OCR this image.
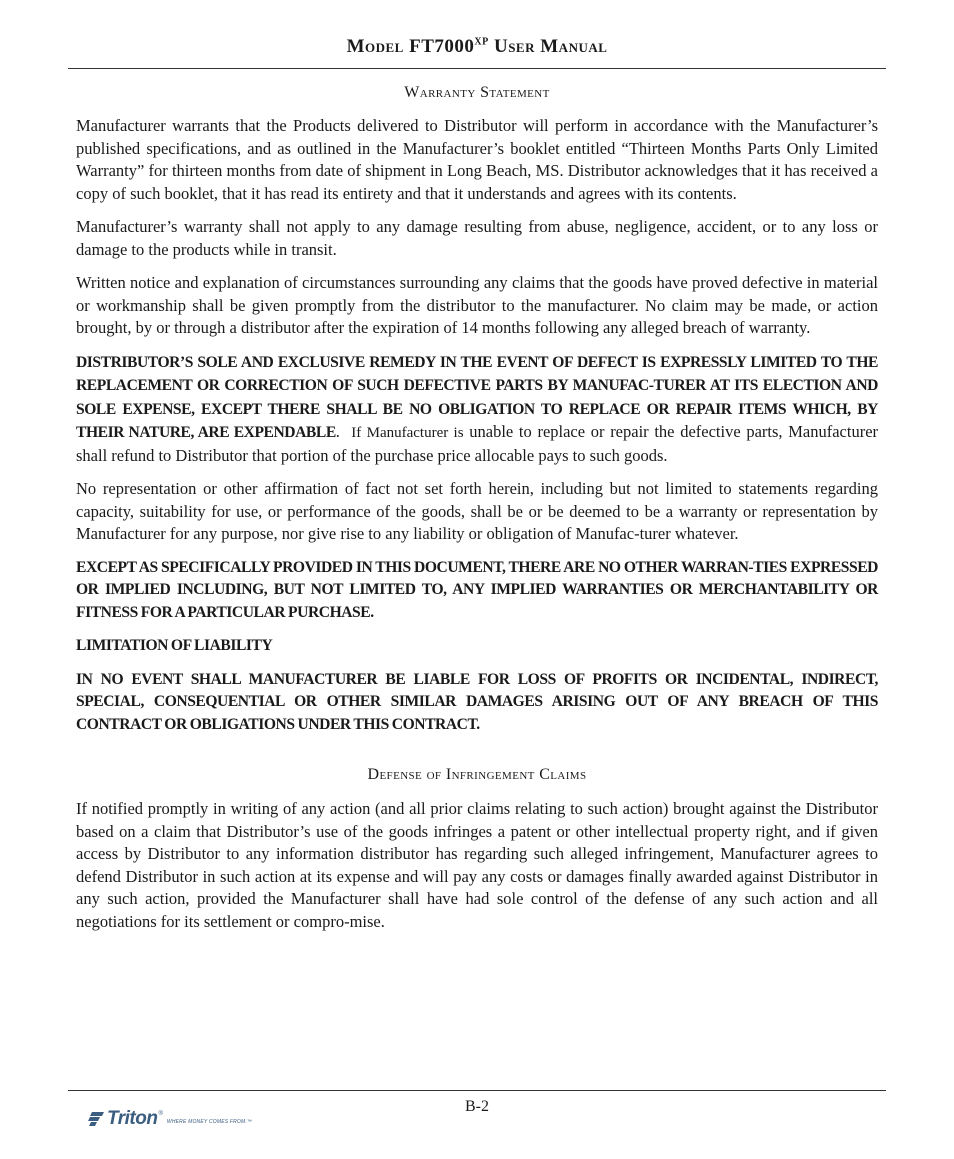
Model $FT7000^{XP}$ User Manual
Warranty Statement

Manufacturer warrants that the Products delivered to Distributor will perform in accordance with the Manufacturer’s published specifications, and as outlined in the Manufacturer’s booklet entitled “Thirteen Months Parts Only Limited Warranty” for thirteen months from date of shipment in Long Beach, MS. Distributor acknowledges that it has received a copy of such booklet, that it has read its entirety and that it understands and agrees with its contents.

Manufacturer’s warranty shall not apply to any damage resulting from abuse, negligence, accident, or to any loss or damage to the products while in transit.

Written notice and explanation of circumstances surrounding any claims that the goods have proved defective in material or workmanship shall be given promptly from the distributor to the manufacturer. No claim may be made, or action brought, by or through a distributor after the expiration of 14 months following any alleged breach of warranty.

DISTRIBUTOR’S SOLE AND EXCLUSIVE REMEDY IN THE EVENT OF DEFECT IS EXPRESSLY LIMITED TO THE REPLACEMENT OR CORRECTION OF SUCH DEFECTIVE PARTS BY MANUFAC-TURER AT ITS ELECTION AND SOLE EXPENSE, EXCEPT THERE SHALL BE NO OBLIGATION TO REPLACE OR REPAIR ITEMS WHICH, BY THEIR NATURE, ARE EXPENDABLE. If Manufacturer is unable to replace or repair the defective parts, Manufacturer shall refund to Distributor that portion of the purchase price allocable pays to such goods.

No representation or other affirmation of fact not set forth herein, including but not limited to statements regarding capacity, suitability for use, or performance of the goods, shall be or be deemed to be a warranty or representation by Manufacturer for any purpose, nor give rise to any liability or obligation of Manufac-turer whatever.

EXCEPT AS SPECIFICALLY PROVIDED IN THIS DOCUMENT, THERE ARE NO OTHER WARRAN-TIES EXPRESSED OR IMPLIED INCLUDING, BUT NOT LIMITED TO, ANY IMPLIED WARRANTIES OR MERCHANTABILITY OR FITNESS FOR A PARTICULAR PURCHASE.

LIMITATION OF LIABILITY

IN NO EVENT SHALL MANUFACTURER BE LIABLE FOR LOSS OF PROFITS OR INCIDENTAL, INDIRECT, SPECIAL, CONSEQUENTIAL OR OTHER SIMILAR DAMAGES ARISING OUT OF ANY BREACH OF THIS CONTRACT OR OBLIGATIONS UNDER THIS CONTRACT.

Defense of Infringement Claims

If notified promptly in writing of any action (and all prior claims relating to such action) brought against the Distributor based on a claim that Distributor’s use of the goods infringes a patent or other intellectual property right, and if given access by Distributor to any information distributor has regarding such alleged infringement, Manufacturer agrees to defend Distributor in such action at its expense and will pay any costs or damages finally awarded against Distributor in any such action, provided the Manufacturer shall have had sole control of the defense of any such action and all negotiations for its settlement or compro-mise.

B-2
Triton ®
WHERE MONEY COMES FROM.™
